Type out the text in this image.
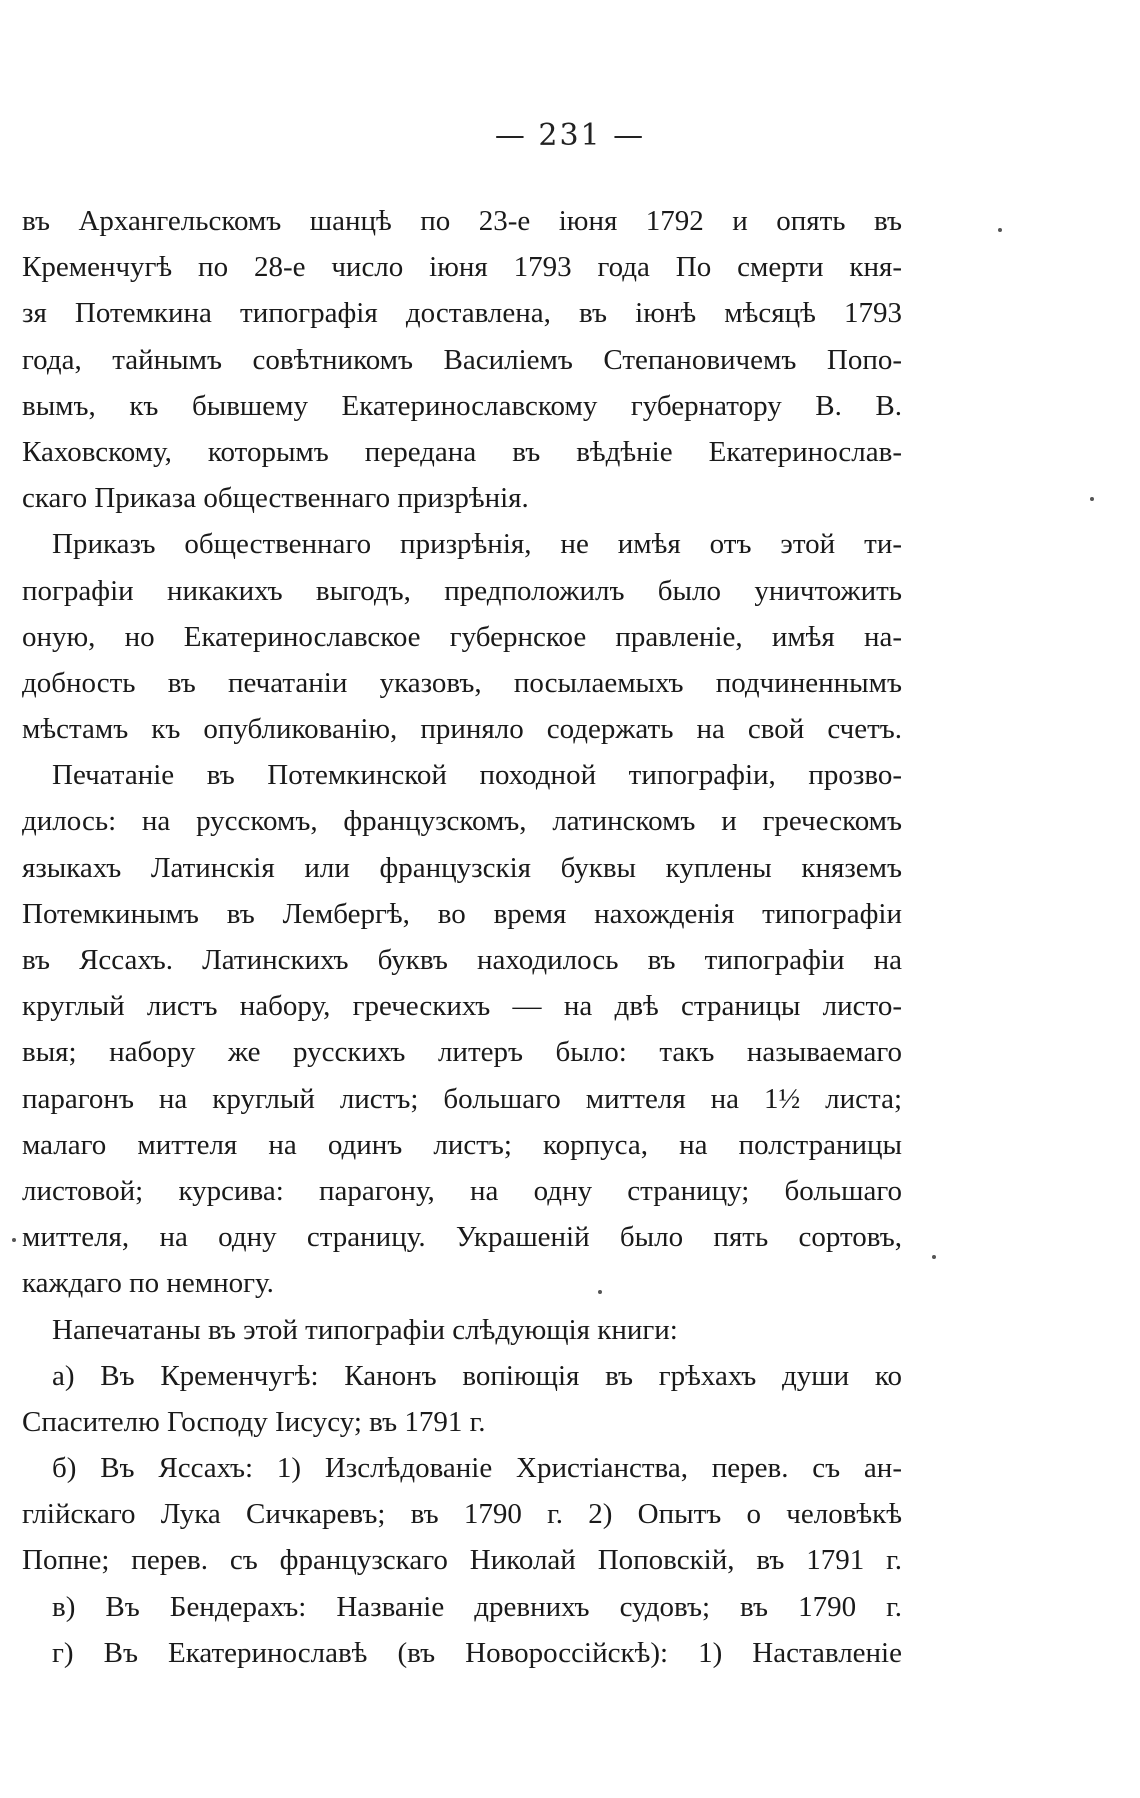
— 231 —
въ Архангельскомъ шанцѣ по 23-е іюня 1792 и опять въ
Кременчугѣ по 28-е число іюня 1793 года По смерти кня-
зя Потемкина типографія доставлена, въ іюнѣ мѣсяцѣ 1793
года, тайнымъ совѣтникомъ Василіемъ Степановичемъ Попо-
вымъ, къ бывшему Екатеринославскому губернатору В. В.
Каховскому, которымъ передана въ вѣдѣніе Екатеринослав-
скаго Приказа общественнаго призрѣнія.
Приказъ общественнаго призрѣнія, не имѣя отъ этой ти-
пографіи никакихъ выгодъ, предположилъ было уничтожить
оную, но Екатеринославское губернское правленіе, имѣя на-
добность въ печатаніи указовъ, посылаемыхъ подчиненнымъ
мѣстамъ къ опубликованію, приняло содержать на свой счетъ.
Печатаніе въ Потемкинской походной типографіи, прозво-
дилось: на русскомъ, французскомъ, латинскомъ и греческомъ
языкахъ Латинскія или французскія буквы куплены княземъ
Потемкинымъ въ Лембергѣ, во время нахожденія типографіи
въ Яссахъ. Латинскихъ буквъ находилось въ типографіи на
круглый листъ набору, греческихъ — на двѣ страницы листо-
выя; набору же русскихъ литеръ было: такъ называемаго
парагонъ на круглый листъ; большаго миттеля на 1½ листа;
малаго миттеля на одинъ листъ; корпуса, на полстраницы
листовой; курсива: парагону, на одну страницу; большаго
миттеля, на одну страницу. Украшеній было пять сортовъ,
каждаго по немногу.
Напечатаны въ этой типографіи слѣдующія книги:
а) Въ Кременчугѣ: Канонъ вопіющія въ грѣхахъ души ко
Спасителю Господу Іисусу; въ 1791 г.
б) Въ Яссахъ: 1) Изслѣдованіе Христіанства, перев. съ ан-
глійскаго Лука Сичкаревъ; въ 1790 г. 2) Опытъ о человѣкѣ
Попне; перев. съ французскаго Николай Поповскій, въ 1791 г.
в) Въ Бендерахъ: Названіе древнихъ судовъ; въ 1790 г.
г) Въ Екатеринославѣ (въ Новороссійскѣ): 1) Наставленіе
